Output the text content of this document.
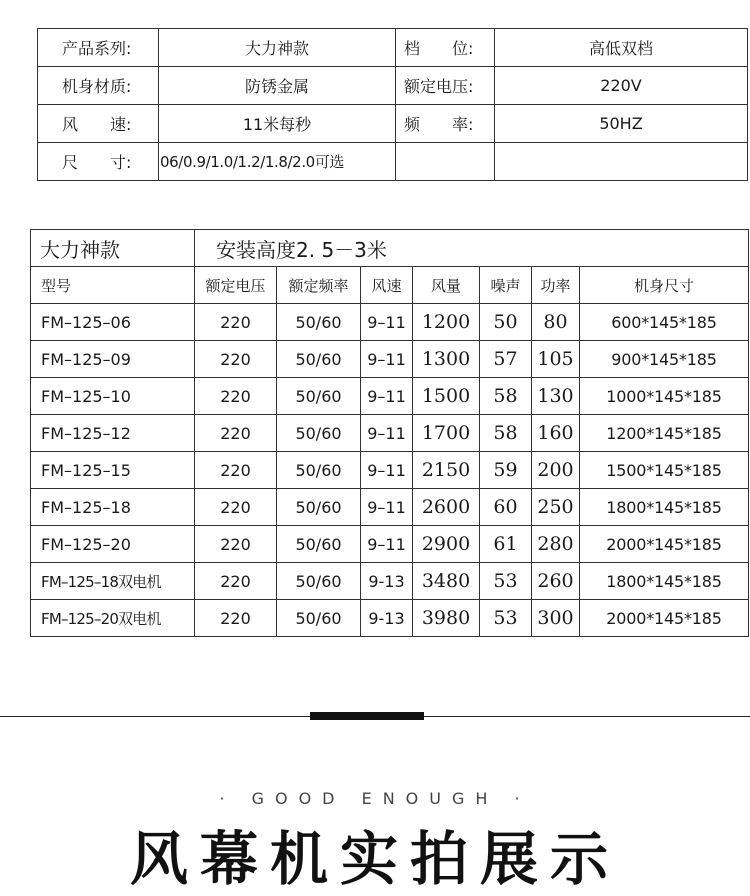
产品系列:	大力神款	档　　位:	高低双档
机身材质:	防锈金属	额定电压:	220V
风　　速:	11米每秒	频　　率:	50HZ
尺　　寸:	06/0.9/1.0/1.2/1.8/2.0可选		
大力神款	安装高度2. 5－3米						
型号	额定电压	额定频率	风速	风量	噪声	功率	机身尺寸
FM–125–06	220	50/60	9–11	1200	50	80	600*145*185
FM–125–09	220	50/60	9–11	1300	57	105	900*145*185
FM–125–10	220	50/60	9–11	1500	58	130	1000*145*185
FM–125–12	220	50/60	9–11	1700	58	160	1200*145*185
FM–125–15	220	50/60	9–11	2150	59	200	1500*145*185
FM–125–18	220	50/60	9–11	2600	60	250	1800*145*185
FM–125–20	220	50/60	9–11	2900	61	280	2000*145*185
FM–125–18双电机	220	50/60	9-13	3480	53	260	1800*145*185
FM–125–20双电机	220	50/60	9-13	3980	53	300	2000*145*185
· GOOD ENOUGH ·
风幕机实拍展示
